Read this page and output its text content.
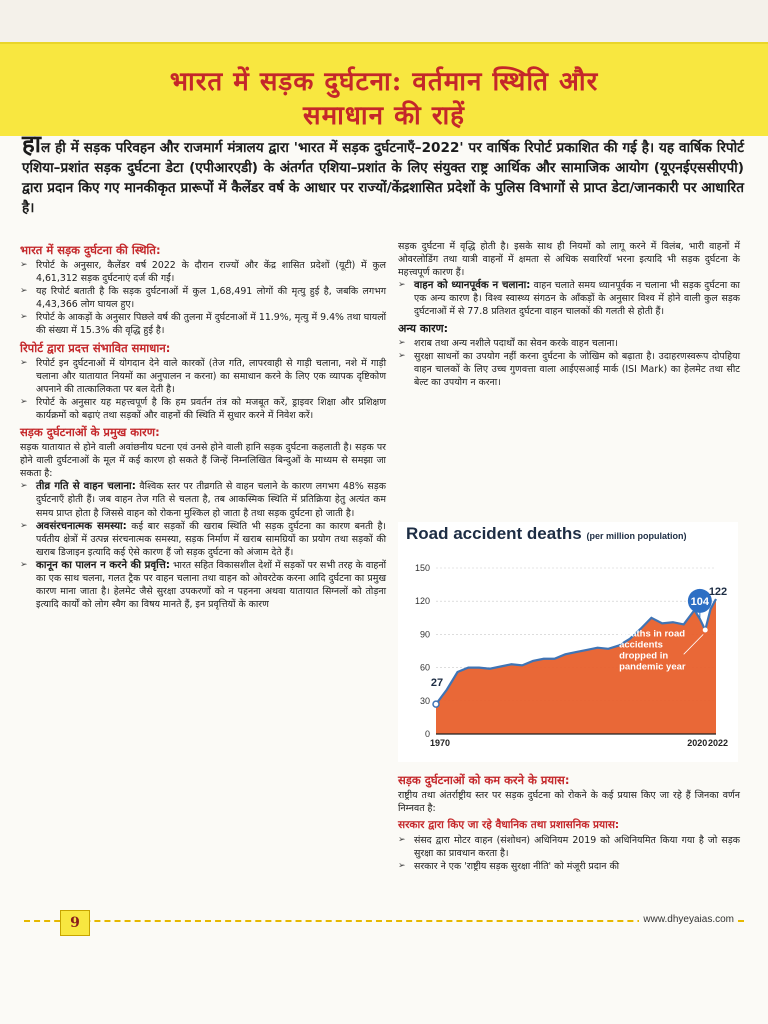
भारत में सड़क दुर्घटना: वर्तमान स्थिति और
समाधान की राहें
हाल ही में सड़क परिवहन और राजमार्ग मंत्रालय द्वारा 'भारत में सड़क दुर्घटनाएँ–2022' पर वार्षिक रिपोर्ट प्रकाशित की गई है। यह वार्षिक रिपोर्ट एशिया–प्रशांत सड़क दुर्घटना डेटा (एपीआरएडी) के अंतर्गत एशिया–प्रशांत के लिए संयुक्त राष्ट्र आर्थिक और सामाजिक आयोग (यूएनईएससीएपी) द्वारा प्रदान किए गए मानकीकृत प्रारूपों में कैलेंडर वर्ष के आधार पर राज्यों/केंद्रशासित प्रदेशों के पुलिस विभागों से प्राप्त डेटा/जानकारी पर आधारित है।
भारत में सड़क दुर्घटना की स्थिति:
➢ रिपोर्ट के अनुसार, कैलेंडर वर्ष 2022 के दौरान राज्यों और केंद्र शासित प्रदेशों (यूटी) में कुल 4,61,312 सड़क दुर्घटनाएं दर्ज की गईं।
➢ यह रिपोर्ट बताती है कि सड़क दुर्घटनाओं में कुल 1,68,491 लोगों की मृत्यु हुई है, जबकि लगभग 4,43,366 लोग घायल हुए।
➢ रिपोर्ट के आकड़ों के अनुसार पिछले वर्ष की तुलना में दुर्घटनाओं में 11.9%, मृत्यु में 9.4% तथा घायलों की संख्या में 15.3% की वृद्धि हुई है।
रिपोर्ट द्वारा प्रदत्त संभावित समाधान:
➢ रिपोर्ट इन दुर्घटनाओं में योगदान देने वाले कारकों (तेज गति, लापरवाही से गाड़ी चलाना, नशे में गाड़ी चलाना और यातायात नियमों का अनुपालन न करना) का समाधान करने के लिए एक व्यापक दृष्टिकोण अपनाने की तात्कालिकता पर बल देती है।
➢ रिपोर्ट के अनुसार यह महत्त्वपूर्ण है कि हम प्रवर्तन तंत्र को मजबूत करें, ड्राइवर शिक्षा और प्रशिक्षण कार्यक्रमों को बढ़ाएं तथा सड़कों और वाहनों की स्थिति में सुधार करने में निवेश करें।
सड़क दुर्घटनाओं के प्रमुख कारण:

सड़क यातायात से होने वाली अवांछनीय घटना एवं उनसे होने वाली हानि सड़क दुर्घटना कहलाती है। सड़क पर होने वाली दुर्घटनाओं के मूल में कई कारण हो सकते हैं जिन्हें निम्नलिखित बिन्दुओं के माध्यम से समझा जा सकता है:

➢ तीव्र गति से वाहन चलाना: वैश्विक स्तर पर तीव्रगति से वाहन चलाने के कारण लगभग 48% सड़क दुर्घटनाएँ होती हैं। जब वाहन तेज गति से चलता है, तब आकस्मिक स्थिति में प्रतिक्रिया हेतु अत्यंत कम समय प्राप्त होता है जिससे वाहन को रोकना मुश्किल हो जाता है तथा सड़क दुर्घटना हो जाती है।
➢ अवसंरचनात्मक समस्या: कई बार सड़कों की खराब स्थिति भी सड़क दुर्घटना का कारण बनती है। पर्वतीय क्षेत्रों में उत्पन्न संरचनात्मक समस्या, सड़क निर्माण में खराब सामग्रियों का प्रयोग तथा सड़कों की खराब डिजाइन इत्यादि कई ऐसे कारण हैं जो सड़क दुर्घटना को अंजाम देते हैं।
➢ कानून का पालन न करने की प्रवृत्ति: भारत सहित विकासशील देशों में सड़कों पर सभी तरह के वाहनों का एक साथ चलना, गलत ट्रैक पर वाहन चलाना तथा वाहन को ओवरटेक करना आदि दुर्घटना का प्रमुख कारण माना जाता है। हेलमेट जैसे सुरक्षा उपकरणों को न पहनना अथवा यातायात सिग्नलों को तोड़ना इत्यादि कार्यों को लोग स्वैग का विषय मानते हैं, इन प्रवृत्तियों के कारण

सड़क दुर्घटना में वृद्धि होती है। इसके साथ ही नियमों को लागू करने में विलंब, भारी वाहनों में ओवरलोडिंग तथा यात्री वाहनों में क्षमता से अधिक सवारियाँ भरना इत्यादि भी सड़क दुर्घटना के महत्त्वपूर्ण कारण हैं।

➢ वाहन को ध्यानपूर्वक न चलाना: वाहन चलाते समय ध्यानपूर्वक न चलाना भी सड़क दुर्घटना का एक अन्य कारण है। विश्व स्वास्थ्य संगठन के आँकड़ों के अनुसार विश्व में होने वाली कुल सड़क दुर्घटनाओं में से 77.8 प्रतिशत दुर्घटना वाहन चालकों की गलती से होती हैं।
अन्य कारण:
➢ शराब तथा अन्य नशीले पदार्थों का सेवन करके वाहन चलाना।
➢ सुरक्षा साधनों का उपयोग नहीं करना दुर्घटना के जोखिम को बढ़ाता है। उदाहरणस्वरूप दोपहिया वाहन चालकों के लिए उच्च गुणवत्ता वाला आईएसआई मार्क (ISI Mark) का हेलमेट तथा सीट बेल्ट का उपयोग न करना।
Road accident deaths (per million population)
0
30
60
90
120
150
1970	2020 2022
27
104
122
Deaths in road
accidents
dropped in
pandemic year
सड़क दुर्घटनाओं को कम करने के प्रयास:

राष्ट्रीय तथा अंतर्राष्ट्रीय स्तर पर सड़क दुर्घटना को रोकने के कई प्रयास किए जा रहे हैं जिनका वर्णन निम्नवत है:

सरकार द्वारा किए जा रहे वैधानिक तथा प्रशासनिक प्रयास:
➢ संसद द्वारा मोटर वाहन (संशोधन) अधिनियम 2019 को अधिनियमित किया गया है जो सड़क सुरक्षा का प्रावधान करता है।
➢ सरकार ने एक 'राष्ट्रीय सड़क सुरक्षा नीति' को मंजूरी प्रदान की
9	www.dhyeyaias.com
